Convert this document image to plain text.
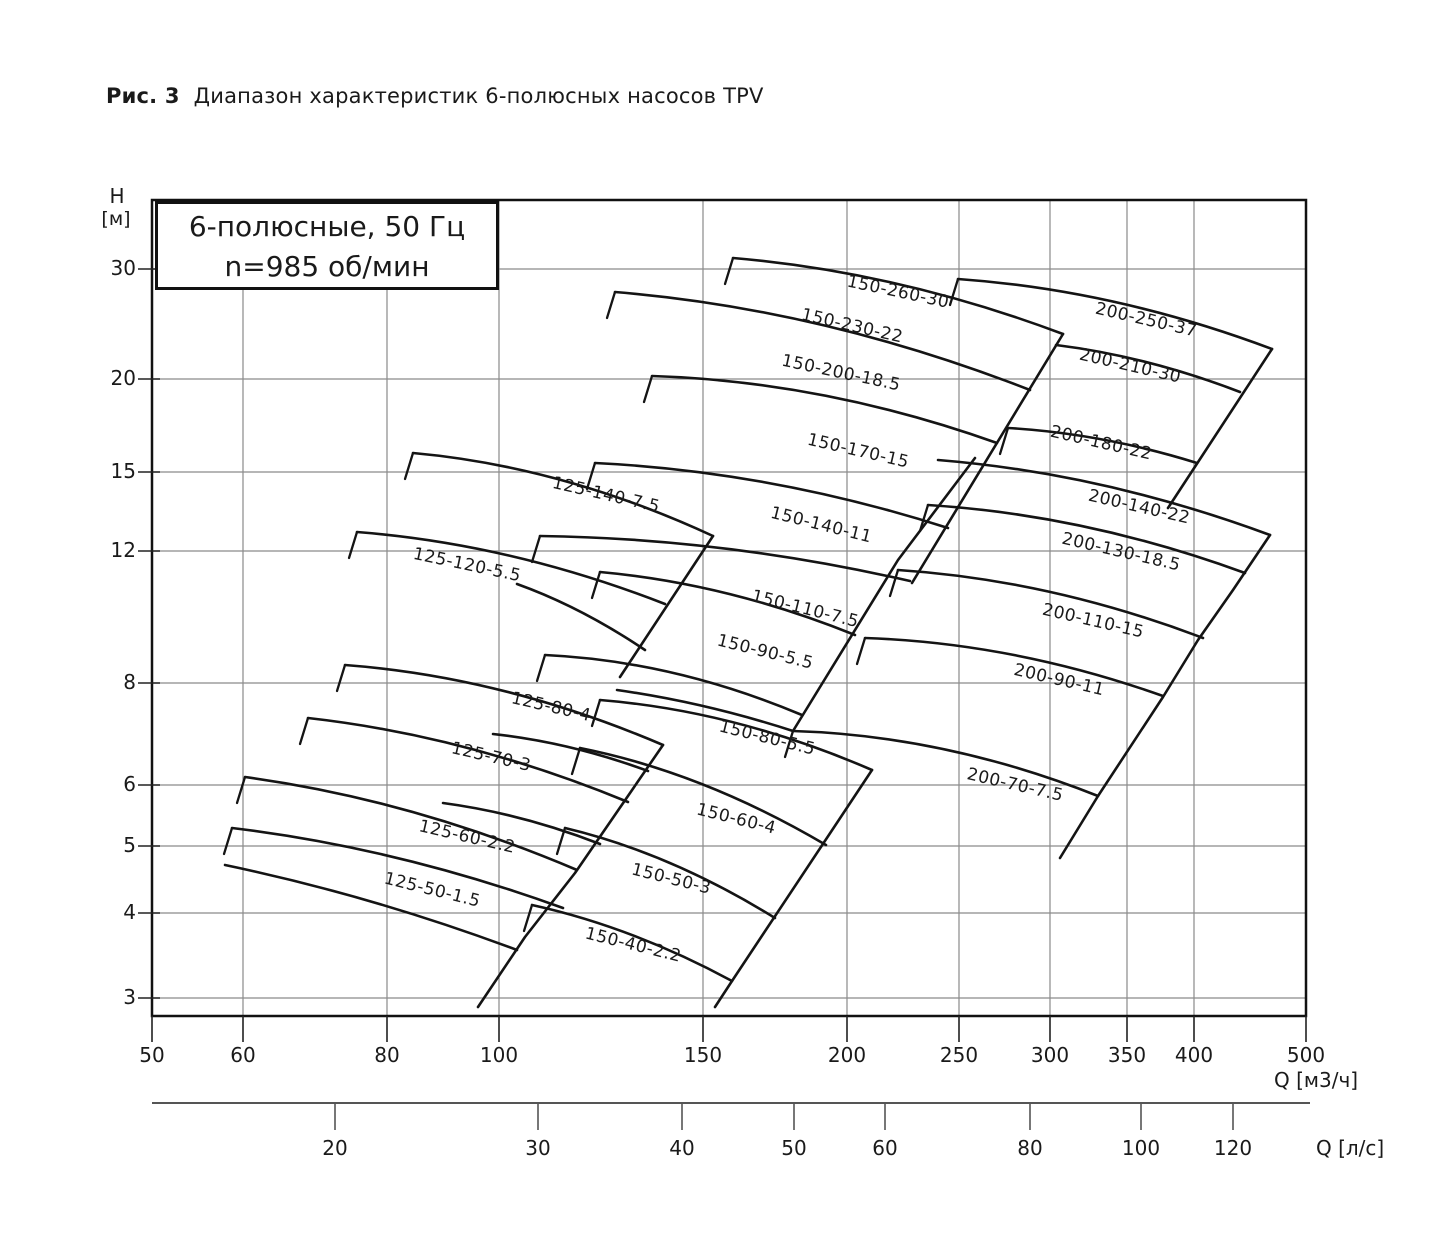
Рис. 3 Диапазон характеристик 6-полюсных насосов TPV
125-140-7.5
125-120-5.5
125-80-4
125-70-3
125-60-2.2
125-50-1.5
150-260-30
150-230-22
150-200-18.5
150-170-15
150-140-11
150-110-7.5
150-90-5.5
150-80-5.5
150-60-4
150-50-3
150-40-2.2
200-250-37
200-210-30
200-180-22
200-140-22
200-130-18.5
200-110-15
200-90-11
200-70-7.5
6-полюсные, 50 Гц
n=985 об/мин
H
[м]
Q [м3/ч]
Q [л/с]
50	60	80	100	150	200	250	300	350	400	500
30
20
15
12
8
6
5
4
3
20	30	40	50	60	80	100	120
